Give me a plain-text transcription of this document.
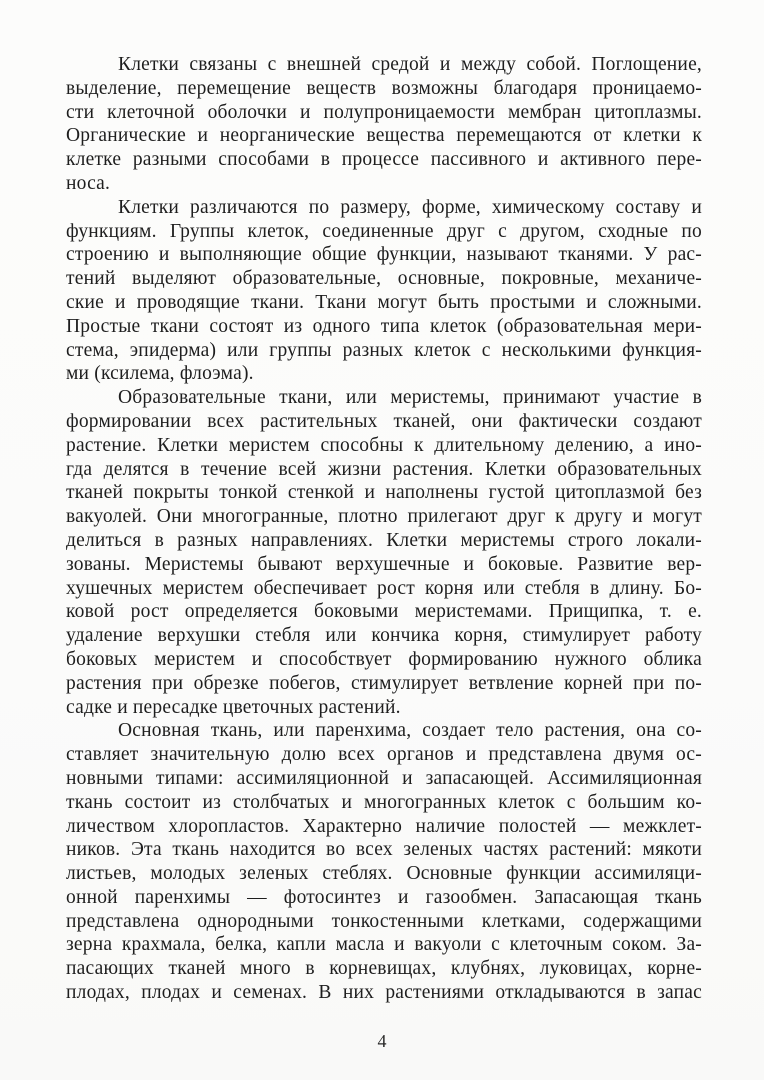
Клетки связаны с внешней средой и между собой. Поглощение,
выделение, перемещение веществ возможны благодаря проницаемо-
сти клеточной оболочки и полупроницаемости мембран цитоплазмы.
Органические и неорганические вещества перемещаются от клетки к
клетке разными способами в процессе пассивного и активного пере-
носа.
Клетки различаются по размеру, форме, химическому составу и
функциям. Группы клеток, соединенные друг с другом, сходные по
строению и выполняющие общие функции, называют тканями. У рас-
тений выделяют образовательные, основные, покровные, механиче-
ские и проводящие ткани. Ткани могут быть простыми и сложными.
Простые ткани состоят из одного типа клеток (образовательная мери-
стема, эпидерма) или группы разных клеток с несколькими функция-
ми (ксилема, флоэма).
Образовательные ткани, или меристемы, принимают участие в
формировании всех растительных тканей, они фактически создают
растение. Клетки меристем способны к длительному делению, а ино-
гда делятся в течение всей жизни растения. Клетки образовательных
тканей покрыты тонкой стенкой и наполнены густой цитоплазмой без
вакуолей. Они многогранные, плотно прилегают друг к другу и могут
делиться в разных направлениях. Клетки меристемы строго локали-
зованы. Меристемы бывают верхушечные и боковые. Развитие вер-
хушечных меристем обеспечивает рост корня или стебля в длину. Бо-
ковой рост определяется боковыми меристемами. Прищипка, т. е.
удаление верхушки стебля или кончика корня, стимулирует работу
боковых меристем и способствует формированию нужного облика
растения при обрезке побегов, стимулирует ветвление корней при по-
садке и пересадке цветочных растений.
Основная ткань, или паренхима, создает тело растения, она со-
ставляет значительную долю всех органов и представлена двумя ос-
новными типами: ассимиляционной и запасающей. Ассимиляционная
ткань состоит из столбчатых и многогранных клеток с большим ко-
личеством хлоропластов. Характерно наличие полостей — межклет-
ников. Эта ткань находится во всех зеленых частях растений: мякоти
листьев, молодых зеленых стеблях. Основные функции ассимиляци-
онной паренхимы — фотосинтез и газообмен. Запасающая ткань
представлена однородными тонкостенными клетками, содержащими
зерна крахмала, белка, капли масла и вакуоли с клеточным соком. За-
пасающих тканей много в корневищах, клубнях, луковицах, корне-
плодах, плодах и семенах. В них растениями откладываются в запас
4
